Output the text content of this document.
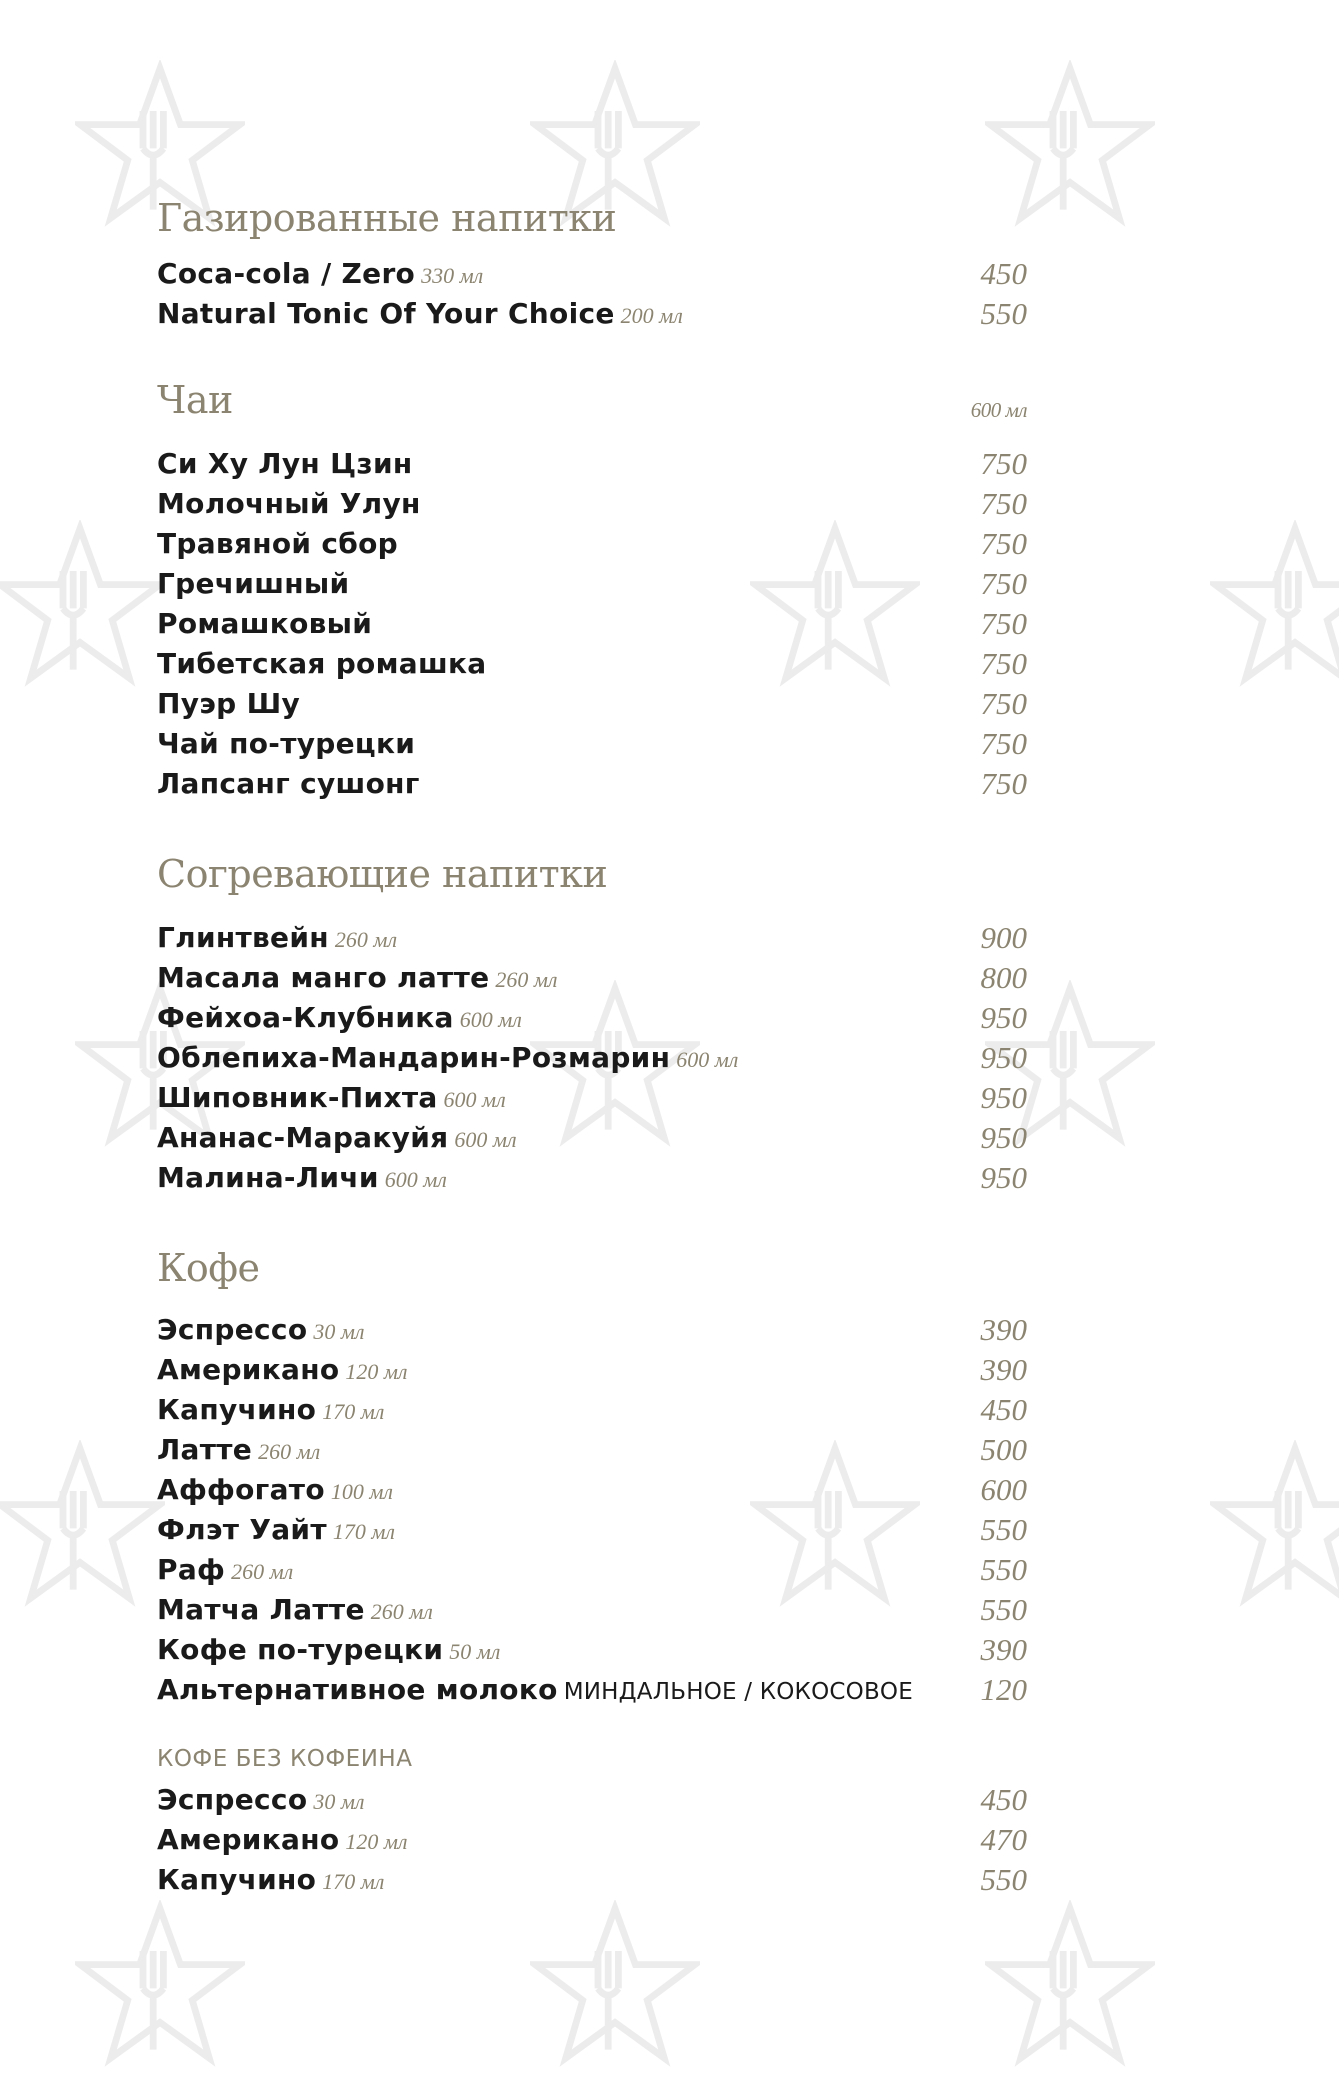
Газированные напитки
Coca-cola / Zero 330 мл	450
Natural Tonic Of Your Choice 200 мл	550
Чаи	600 мл
Си Ху Лун Цзин	750
Молочный Улун	750
Травяной сбор	750
Гречишный	750
Ромашковый	750
Тибетская ромашка	750
Пуэр Шу	750
Чай по-турецки	750
Лапсанг сушонг	750
Согревающие напитки
Глинтвейн 260 мл	900
Масала манго латте 260 мл	800
Фейхоа-Клубника 600 мл	950
Облепиха-Мандарин-Розмарин 600 мл	950
Шиповник-Пихта 600 мл	950
Ананас-Маракуйя 600 мл	950
Малина-Личи 600 мл	950
Кофе
Эспрессо 30 мл	390
Американо 120 мл	390
Капучино 170 мл	450
Латте 260 мл	500
Аффогато 100 мл	600
Флэт Уайт 170 мл	550
Раф 260 мл	550
Матча Латте 260 мл	550
Кофе по-турецки 50 мл	390
Альтернативное молоко МИНДАЛЬНОЕ / КОКОСОВОЕ 120
КОФЕ БЕЗ КОФЕИНА
Эспрессо 30 мл	450
Американо 120 мл	470
Капучино 170 мл	550
